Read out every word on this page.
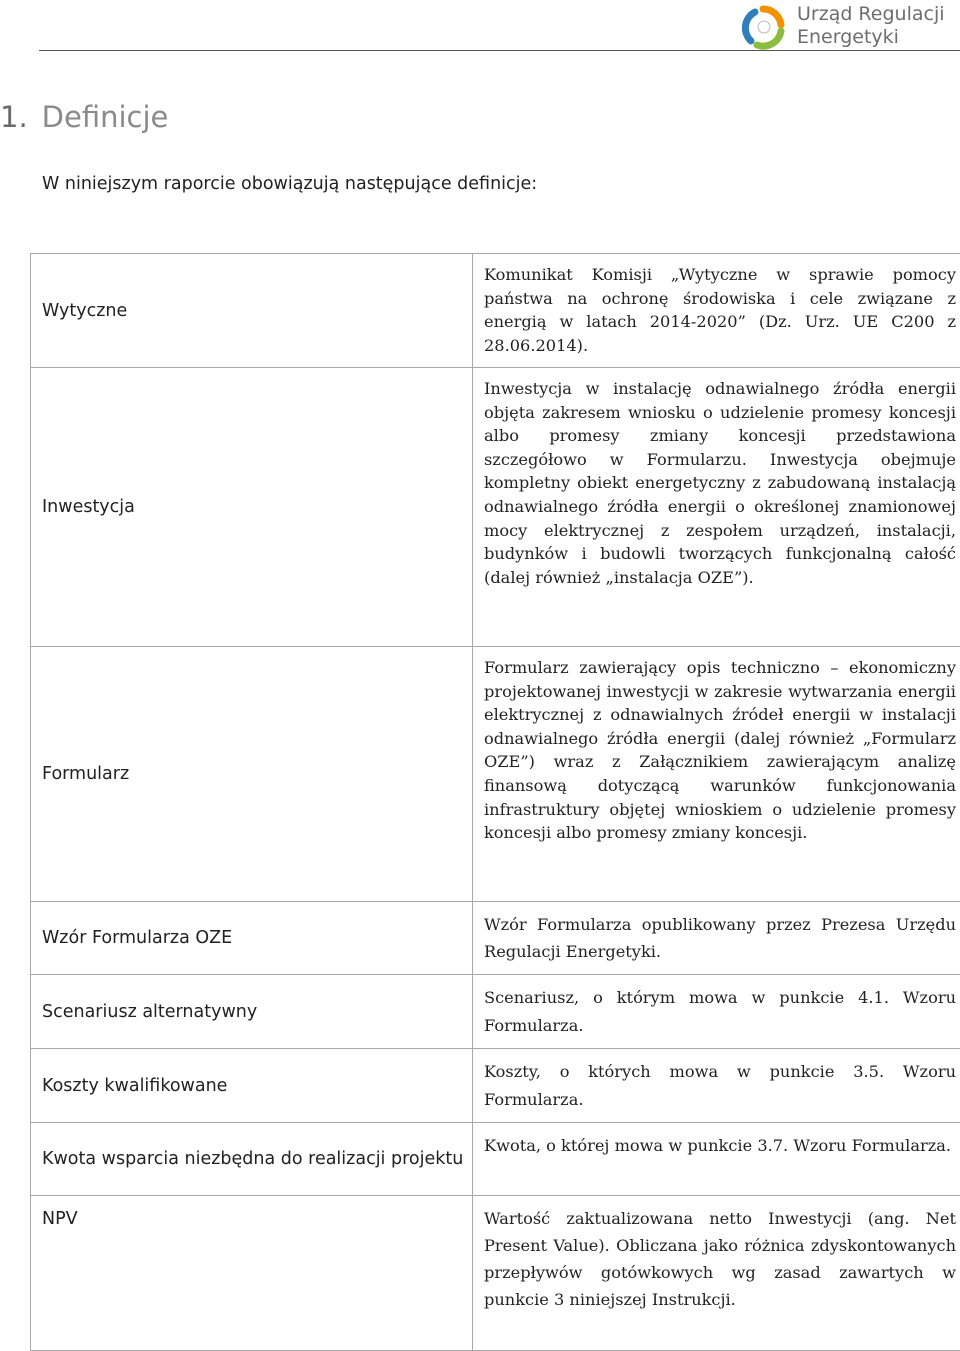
Urząd Regulacji
Energetyki
1. Definicje
W niniejszym raporcie obowiązują następujące definicje:
Wytyczne	Komunikat Komisji „Wytyczne w sprawie pomocy państwa na ochronę środowiska i cele związane z energią w latach 2014-2020” (Dz. Urz. UE C200 z 28.06.2014).

Inwestycja	Inwestycja w instalację odnawialnego źródła energii objęta zakresem wniosku o udzielenie promesy koncesji albo promesy zmiany koncesji przedstawiona szczegółowo w Formularzu. Inwestycja obejmuje kompletny obiekt energetyczny z zabudowaną instalacją odnawialnego źródła energii o określonej znamionowej mocy elektrycznej z zespołem urządzeń, instalacji, budynków i budowli tworzących funkcjonalną całość (dalej również „instalacja OZE”).

Formularz	Formularz zawierający opis techniczno – ekonomiczny projektowanej inwestycji w zakresie wytwarzania energii elektrycznej z odnawialnych źródeł energii w instalacji odnawialnego źródła energii (dalej również „Formularz OZE”) wraz z Załącznikiem zawierającym analizę finansową dotyczącą warunków funkcjonowania infrastruktury objętej wnioskiem o udzielenie promesy koncesji albo promesy zmiany koncesji.

Wzór Formularza OZE	Wzór Formularza opublikowany przez Prezesa Urzędu Regulacji Energetyki.

Scenariusz alternatywny	Scenariusz, o którym mowa w punkcie 4.1. Wzoru Formularza.

Koszty kwalifikowane	Koszty, o których mowa w punkcie 3.5. Wzoru Formularza.

Kwota wsparcia niezbędna do realizacji projektu	Kwota, o której mowa w punkcie 3.7. Wzoru Formularza.

NPV	Wartość zaktualizowana netto Inwestycji (ang. Net Present Value). Obliczana jako różnica zdyskontowanych przepływów gotówkowych wg zasad zawartych w punkcie 3 niniejszej Instrukcji.
